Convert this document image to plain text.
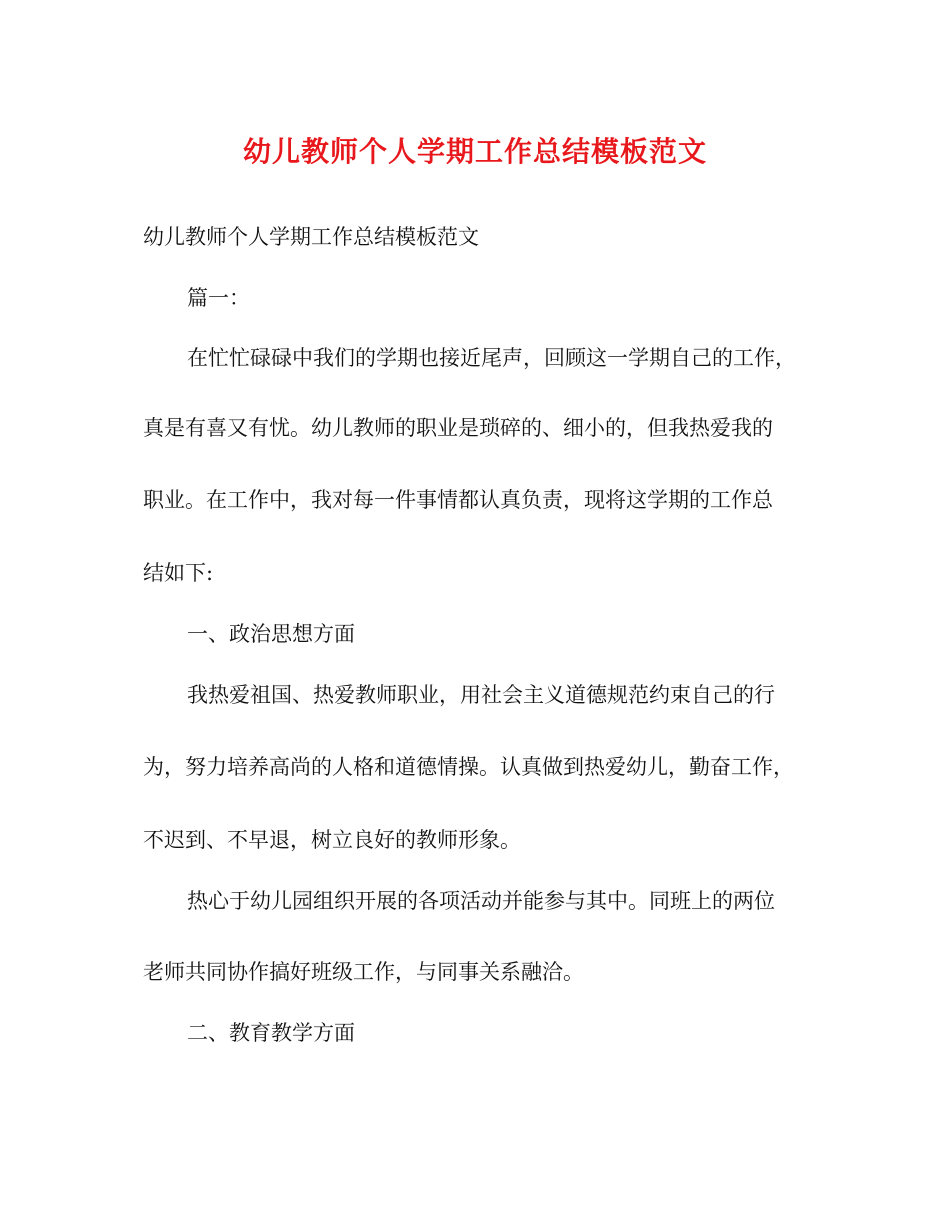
幼儿教师个人学期工作总结模板范文
幼儿教师个人学期工作总结模板范文
篇一：
在忙忙碌碌中我们的学期也接近尾声，回顾这一学期自己的工作，
真是有喜又有忧。幼儿教师的职业是琐碎的、细小的，但我热爱我的
职业。在工作中，我对每一件事情都认真负责，现将这学期的工作总
结如下:
一、政治思想方面
我热爱祖国、热爱教师职业，用社会主义道德规范约束自己的行
为，努力培养高尚的人格和道德情操。认真做到热爱幼儿，勤奋工作，
不迟到、不早退，树立良好的教师形象。
热心于幼儿园组织开展的各项活动并能参与其中。同班上的两位
老师共同协作搞好班级工作，与同事关系融洽。
二、教育教学方面
